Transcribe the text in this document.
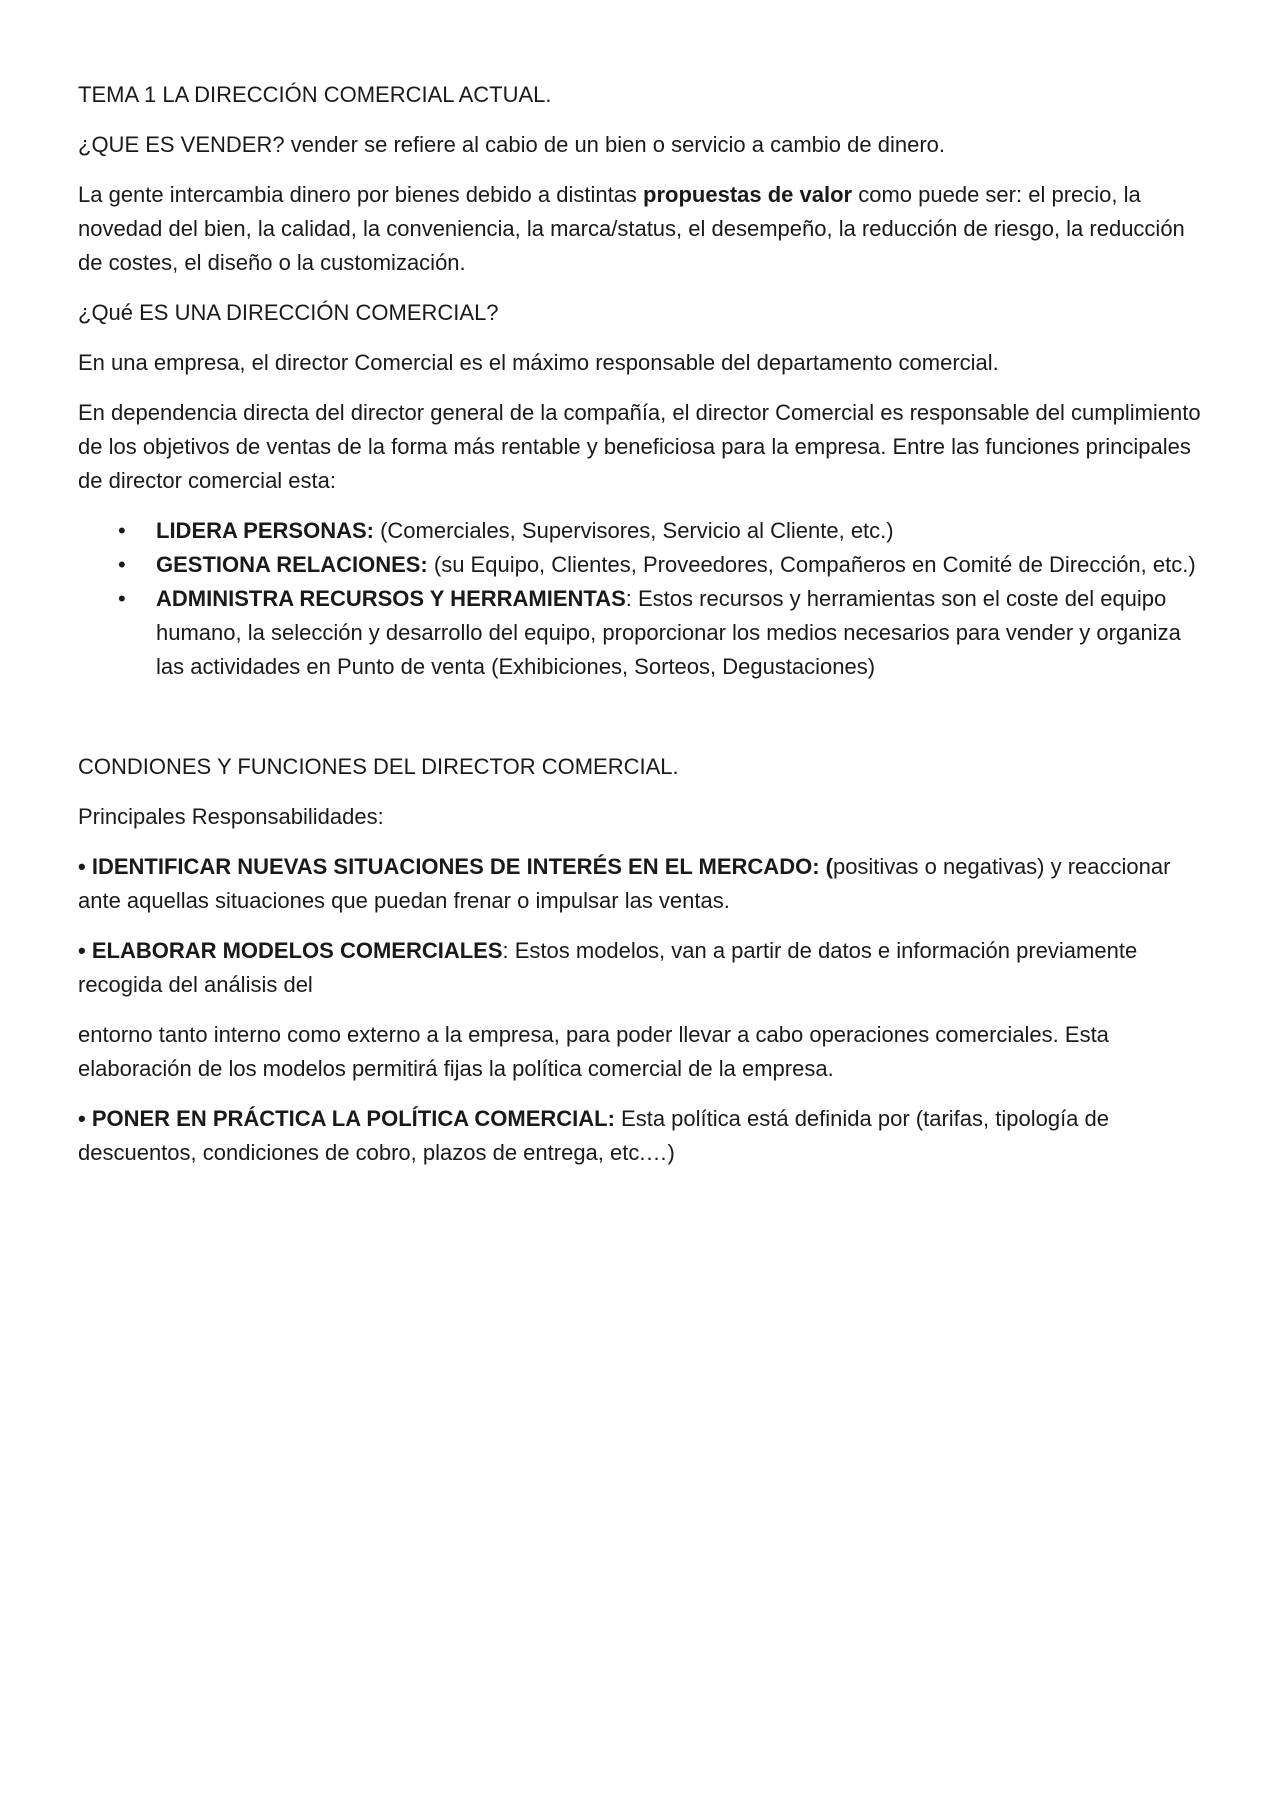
TEMA 1 LA DIRECCIÓN COMERCIAL ACTUAL.

¿QUE ES VENDER? vender se refiere al cabio de un bien o servicio a cambio de dinero.

La gente intercambia dinero por bienes debido a distintas propuestas de valor como puede ser: el precio, la novedad del bien, la calidad, la conveniencia, la marca/status, el desempeño, la reducción de riesgo, la reducción de costes, el diseño o la customización.

¿Qué ES UNA DIRECCIÓN COMERCIAL?

En una empresa, el director Comercial es el máximo responsable del departamento comercial.

En dependencia directa del director general de la compañía, el director Comercial es responsable del cumplimiento de los objetivos de ventas de la forma más rentable y beneficiosa para la empresa. Entre las funciones principales de director comercial esta:

• LIDERA PERSONAS: (Comerciales, Supervisores, Servicio al Cliente, etc.)
• GESTIONA RELACIONES: (su Equipo, Clientes, Proveedores, Compañeros en Comité de Dirección, etc.)
• ADMINISTRA RECURSOS Y HERRAMIENTAS: Estos recursos y herramientas son el coste del equipo humano, la selección y desarrollo del equipo, proporcionar los medios necesarios para vender y organiza las actividades en Punto de venta (Exhibiciones, Sorteos, Degustaciones)

CONDIONES Y FUNCIONES DEL DIRECTOR COMERCIAL.

Principales Responsabilidades:

• IDENTIFICAR NUEVAS SITUACIONES DE INTERÉS EN EL MERCADO: (positivas o negativas) y reaccionar ante aquellas situaciones que puedan frenar o impulsar las ventas.

• ELABORAR MODELOS COMERCIALES: Estos modelos, van a partir de datos e información previamente recogida del análisis del

entorno tanto interno como externo a la empresa, para poder llevar a cabo operaciones comerciales. Esta elaboración de los modelos permitirá fijas la política comercial de la empresa.

• PONER EN PRÁCTICA LA POLÍTICA COMERCIAL: Esta política está definida por (tarifas, tipología de descuentos, condiciones de cobro, plazos de entrega, etc.…)
